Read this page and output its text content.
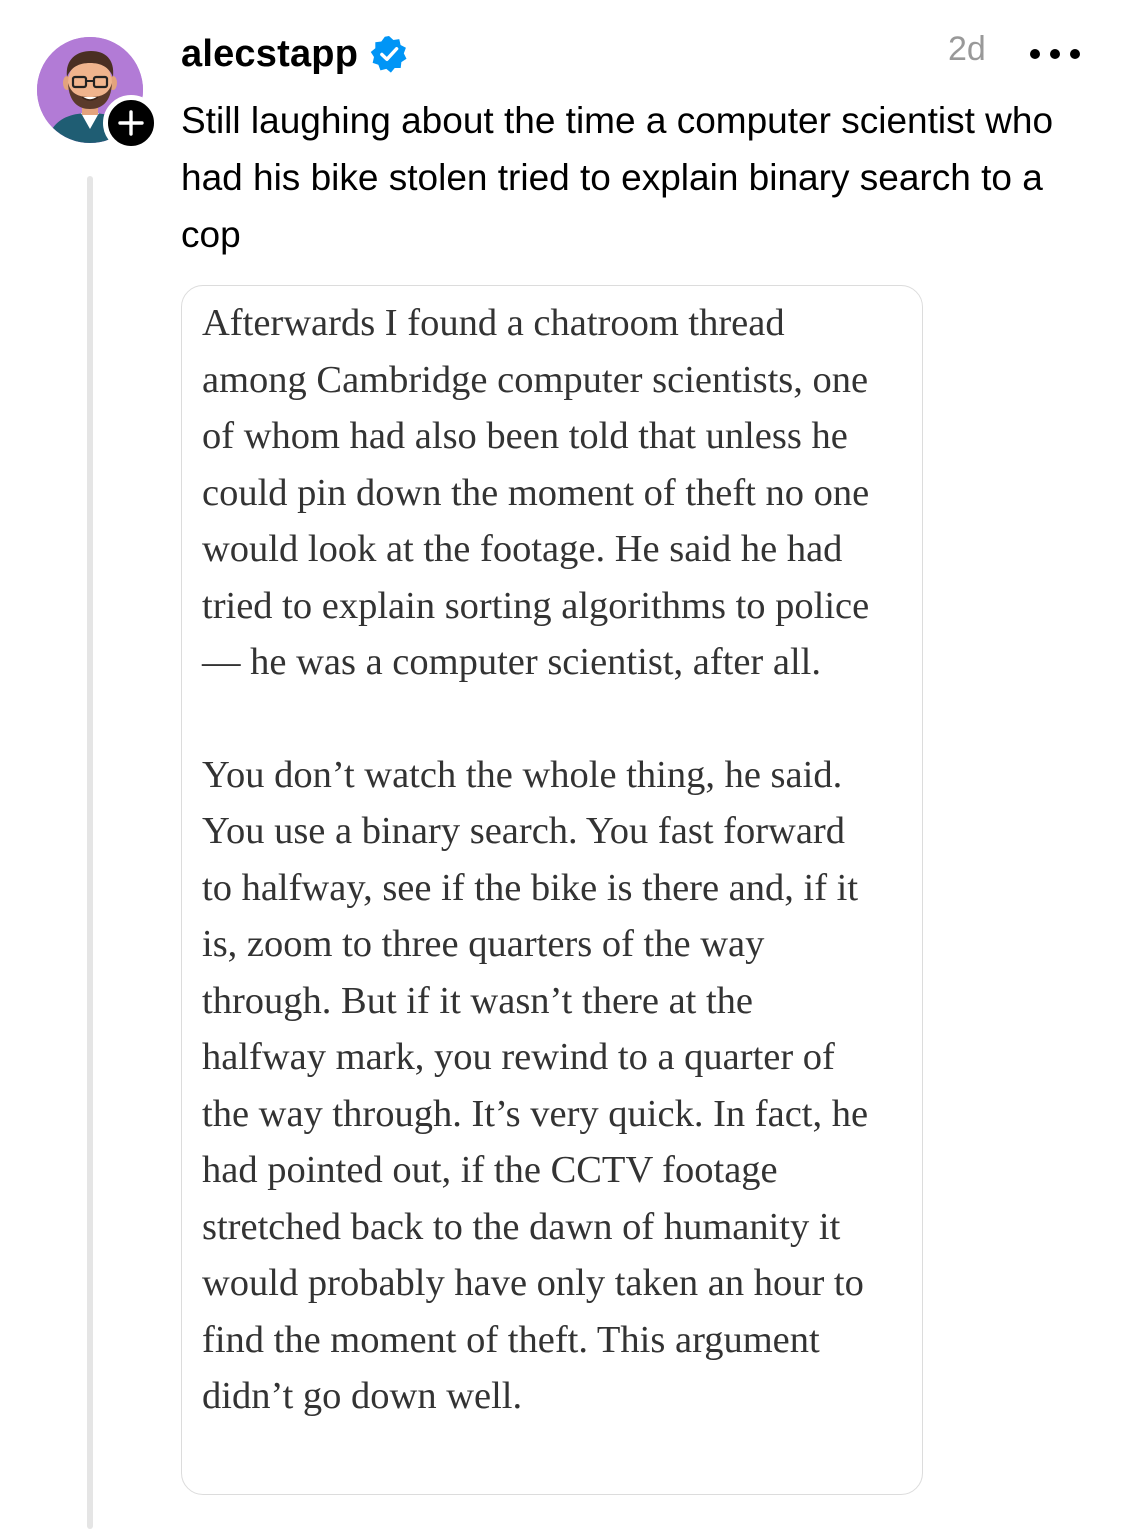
alecstapp	2d

Still laughing about the time a computer scientist who had his bike stolen tried to explain binary search to a cop

Afterwards I found a chatroom thread among Cambridge computer scientists, one of whom had also been told that unless he could pin down the moment of theft no one would look at the footage. He said he had tried to explain sorting algorithms to police — he was a computer scientist, after all.

You don’t watch the whole thing, he said. You use a binary search. You fast forward to halfway, see if the bike is there and, if it is, zoom to three quarters of the way through. But if it wasn’t there at the halfway mark, you rewind to a quarter of the way through. It’s very quick. In fact, he had pointed out, if the CCTV footage stretched back to the dawn of humanity it would probably have only taken an hour to find the moment of theft. This argument didn’t go down well.
